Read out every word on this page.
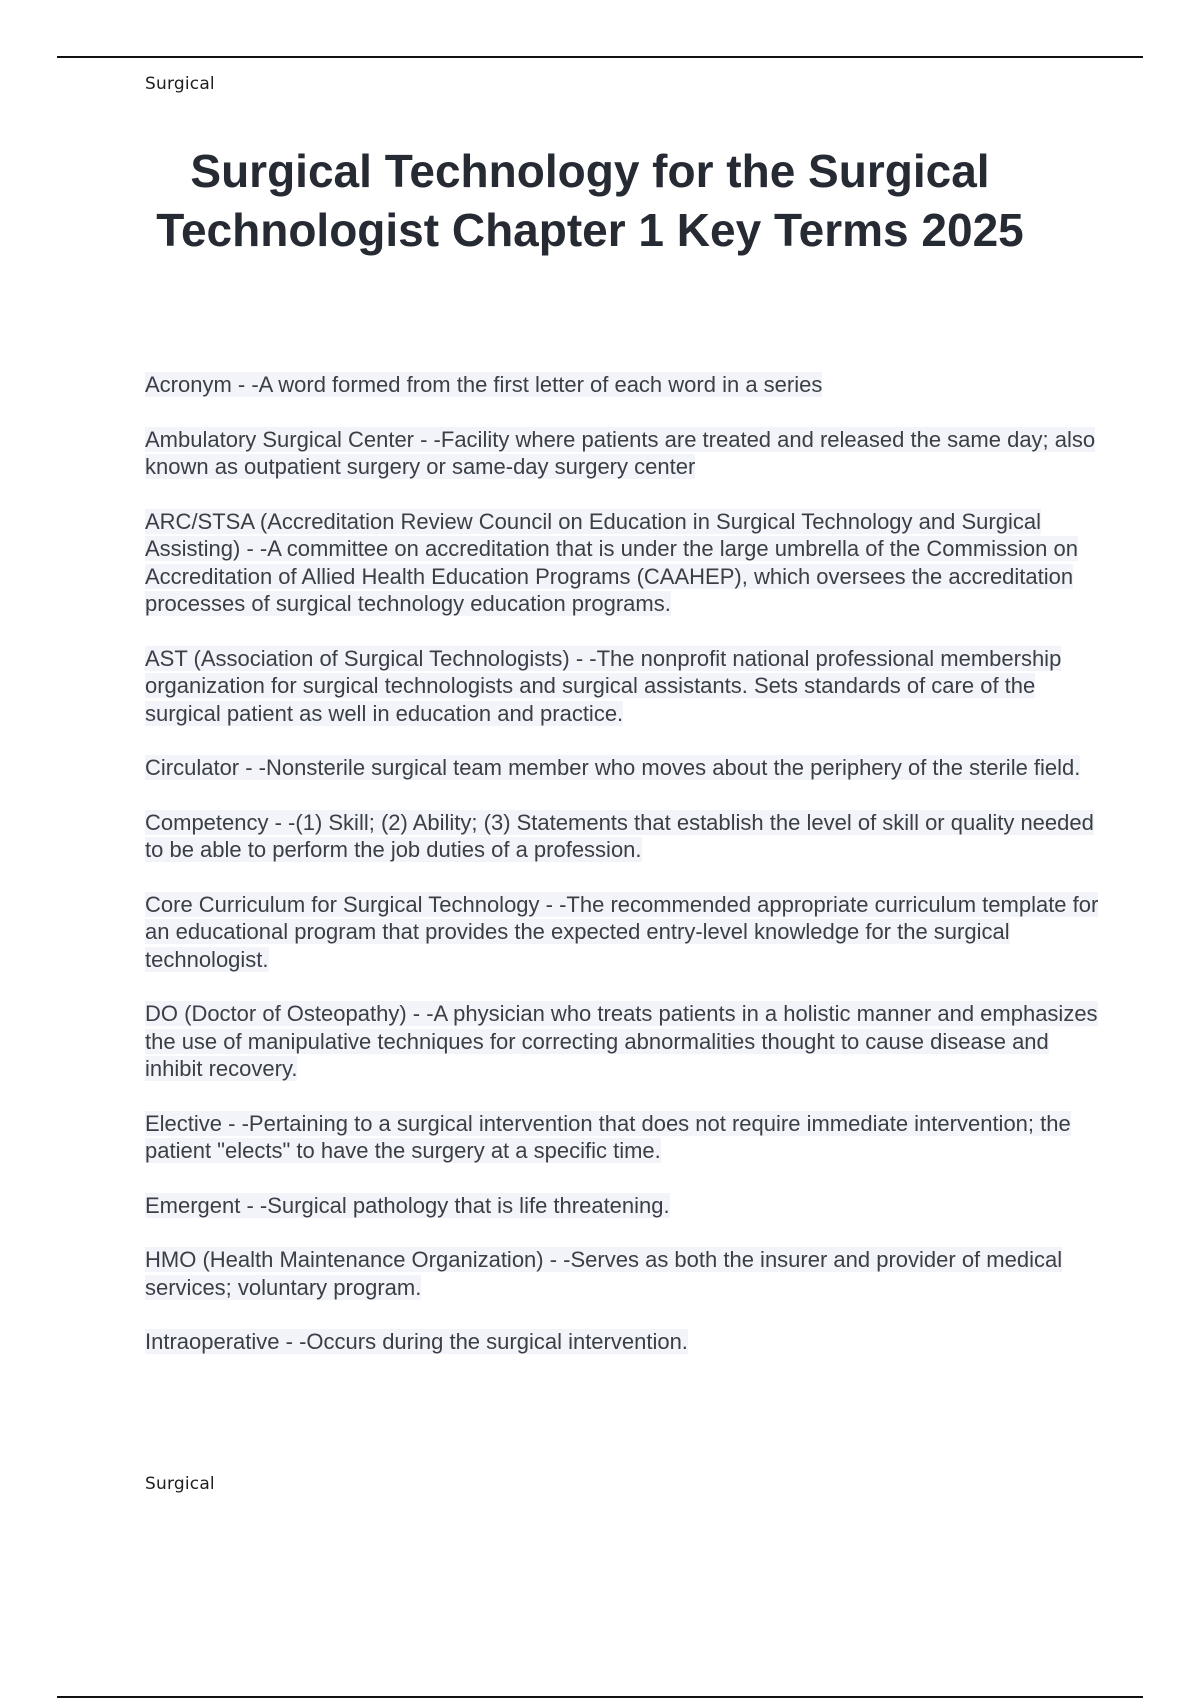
Surgical
Surgical Technology for the Surgical Technologist Chapter 1 Key Terms 2025
Acronym - -A word formed from the first letter of each word in a series
Ambulatory Surgical Center - -Facility where patients are treated and released the same day; also known as outpatient surgery or same-day surgery center
ARC/STSA (Accreditation Review Council on Education in Surgical Technology and Surgical Assisting) - -A committee on accreditation that is under the large umbrella of the Commission on Accreditation of Allied Health Education Programs (CAAHEP), which oversees the accreditation processes of surgical technology education programs.
AST (Association of Surgical Technologists) - -The nonprofit national professional membership organization for surgical technologists and surgical assistants. Sets standards of care of the surgical patient as well in education and practice.
Circulator - -Nonsterile surgical team member who moves about the periphery of the sterile field.
Competency - -(1) Skill; (2) Ability; (3) Statements that establish the level of skill or quality needed to be able to perform the job duties of a profession.
Core Curriculum for Surgical Technology - -The recommended appropriate curriculum template for an educational program that provides the expected entry-level knowledge for the surgical technologist.
DO (Doctor of Osteopathy) - -A physician who treats patients in a holistic manner and emphasizes the use of manipulative techniques for correcting abnormalities thought to cause disease and inhibit recovery.
Elective - -Pertaining to a surgical intervention that does not require immediate intervention; the patient "elects" to have the surgery at a specific time.
Emergent - -Surgical pathology that is life threatening.
HMO (Health Maintenance Organization) - -Serves as both the insurer and provider of medical services; voluntary program.
Intraoperative - -Occurs during the surgical intervention.
Surgical
